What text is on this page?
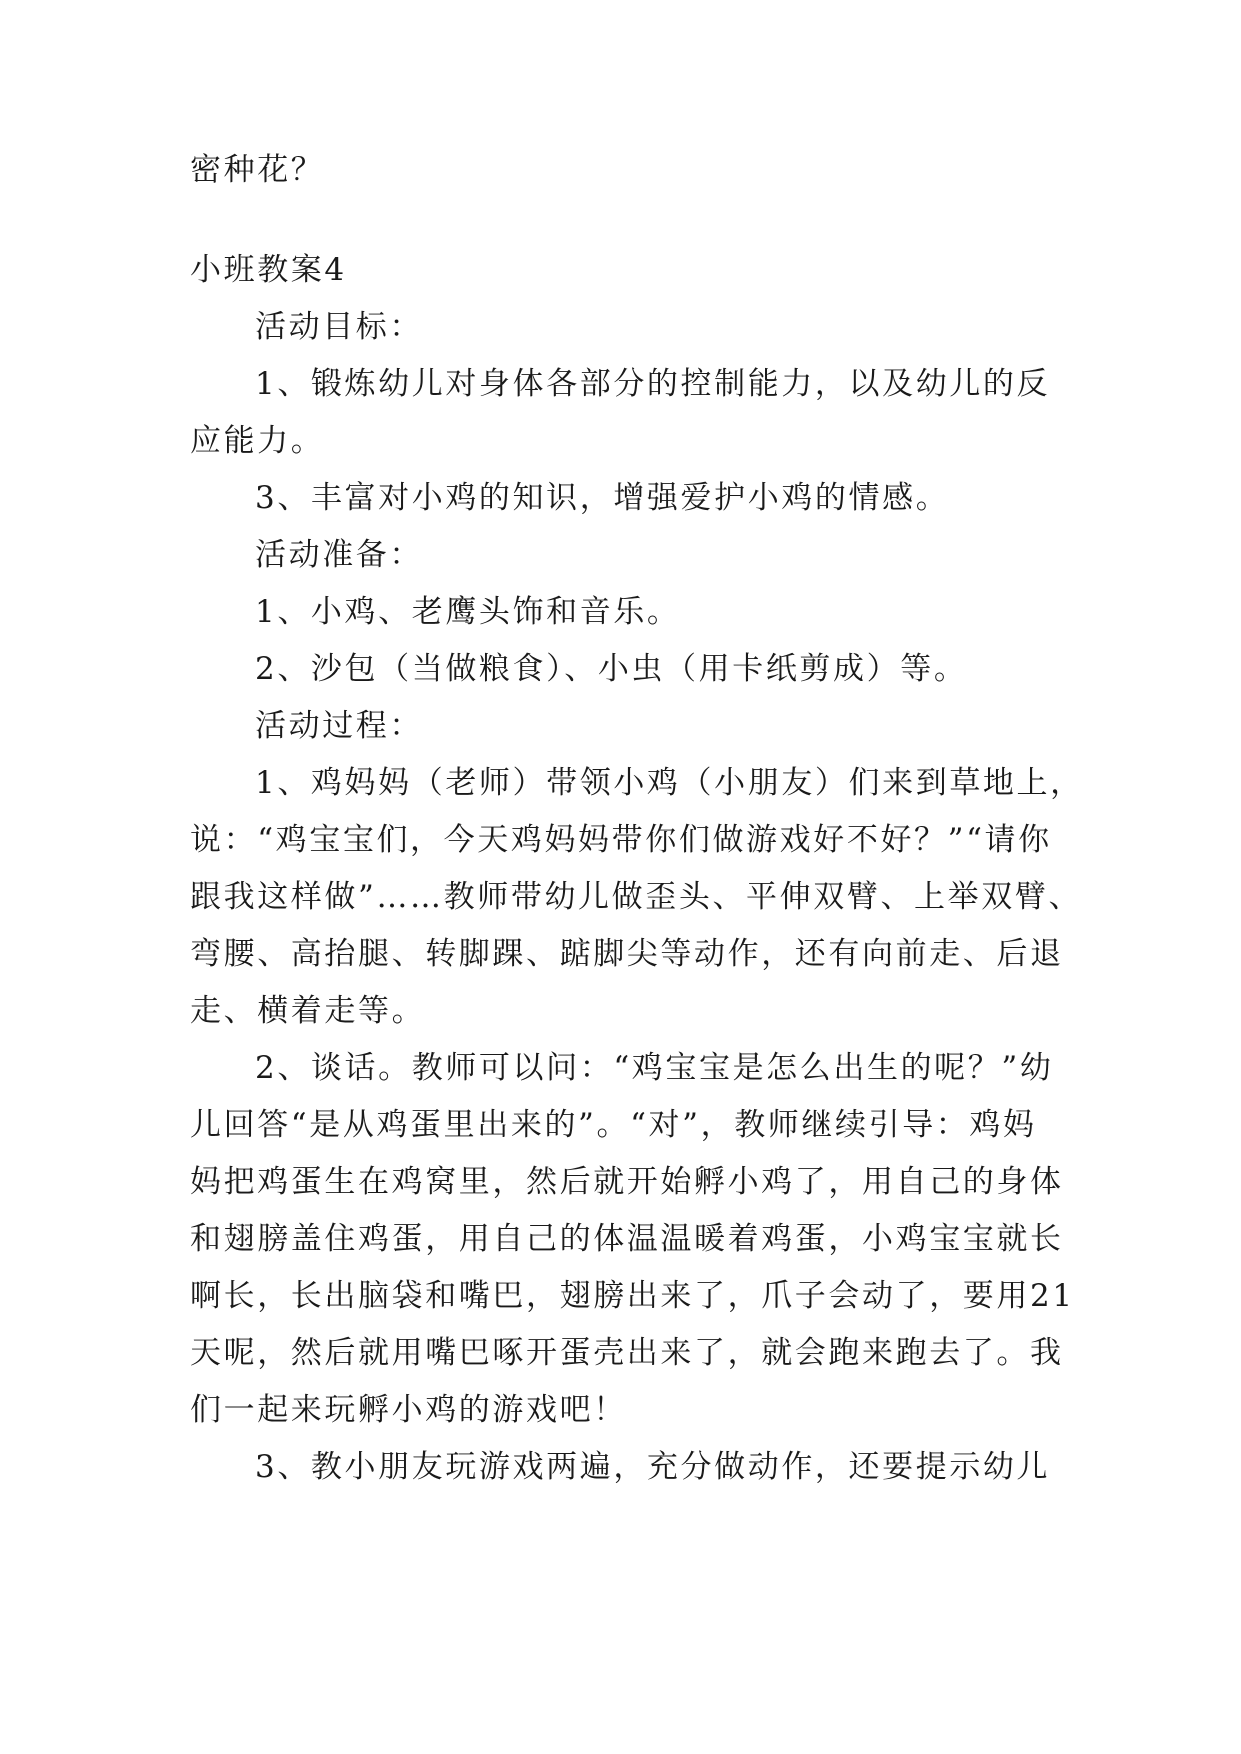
密种花？
小班教案4
活动目标：
1、锻炼幼儿对身体各部分的控制能力，以及幼儿的反
应能力。
3、丰富对小鸡的知识，增强爱护小鸡的情感。
活动准备：
1、小鸡、老鹰头饰和音乐。
2、沙包（当做粮食）、小虫（用卡纸剪成）等。
活动过程：
1、鸡妈妈（老师）带领小鸡（小朋友）们来到草地上，
说：“鸡宝宝们，今天鸡妈妈带你们做游戏好不好？”“请你
跟我这样做”……教师带幼儿做歪头、平伸双臂、上举双臂、
弯腰、高抬腿、转脚踝、踮脚尖等动作，还有向前走、后退
走、横着走等。
2、谈话。教师可以问：“鸡宝宝是怎么出生的呢？”幼
儿回答“是从鸡蛋里出来的”。“对”，教师继续引导：鸡妈
妈把鸡蛋生在鸡窝里，然后就开始孵小鸡了，用自己的身体
和翅膀盖住鸡蛋，用自己的体温温暖着鸡蛋，小鸡宝宝就长
啊长，长出脑袋和嘴巴，翅膀出来了，爪子会动了，要用21
天呢，然后就用嘴巴啄开蛋壳出来了，就会跑来跑去了。我
们一起来玩孵小鸡的游戏吧！
3、教小朋友玩游戏两遍，充分做动作，还要提示幼儿
